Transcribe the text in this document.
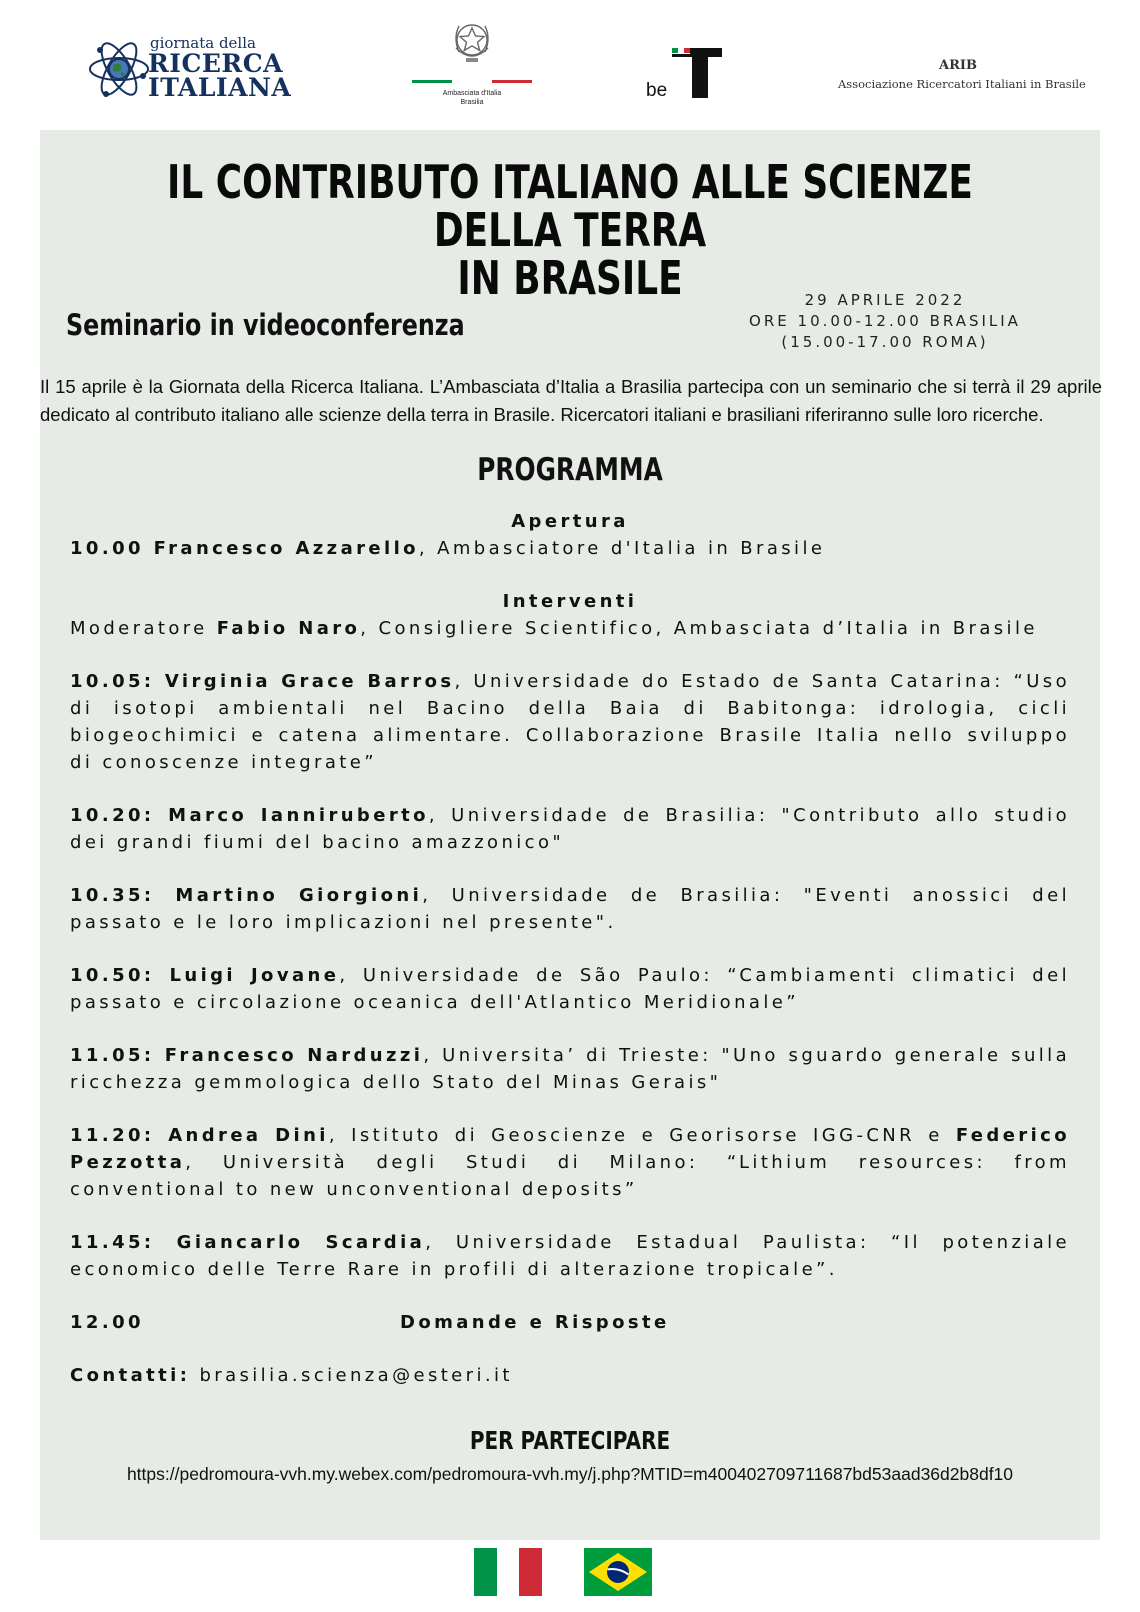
giornata della
RICERCA
ITALIANA	Ambasciata d'Italia
Brasilia
be
ARIB
Associazione Ricercatori Italiani in Brasile
IL CONTRIBUTO ITALIANO ALLE SCIENZE DELLA TERRA
IN BRASILE
Seminario in videoconferenza
29 APRILE 2022
ORE 10.00-12.00 BRASILIA
(15.00-17.00 ROMA)
Il 15 aprile è la Giornata della Ricerca Italiana. L’Ambasciata d’Italia a Brasilia partecipa con un seminario che si terrà il 29 aprile dedicato al contributo italiano alle scienze della terra in Brasile. Ricercatori italiani e brasiliani riferiranno sulle loro ricerche.
PROGRAMMA
Apertura

10.00 Francesco Azzarello, Ambasciatore d'Italia in Brasile

Interventi

Moderatore Fabio Naro, Consigliere Scientifico, Ambasciata d’Italia in Brasile

10.05: Virginia Grace Barros, Universidade do Estado de Santa Catarina: “Uso di isotopi ambientali nel Bacino della Baia di Babitonga: idrologia, cicli biogeochimici e catena alimentare. Collaborazione Brasile Italia nello sviluppo di conoscenze integrate”

10.20: Marco Ianniruberto, Universidade de Brasilia: "Contributo allo studio dei grandi fiumi del bacino amazzonico"

10.35: Martino Giorgioni, Universidade de Brasilia: "Eventi anossici del passato e le loro implicazioni nel presente".

10.50: Luigi Jovane, Universidade de São Paulo: “Cambiamenti climatici del passato e circolazione oceanica dell'Atlantico Meridionale”

11.05: Francesco Narduzzi, Universita’ di Trieste: "Uno sguardo generale sulla ricchezza gemmologica dello Stato del Minas Gerais"

11.20: Andrea Dini, Istituto di Geoscienze e Georisorse IGG-CNR e Federico Pezzotta, Università degli Studi di Milano: “Lithium resources: from conventional to new unconventional deposits”

11.45: Giancarlo Scardia, Universidade Estadual Paulista: “Il potenziale economico delle Terre Rare in profili di alterazione tropicale”.

12.00	Domande e Risposte

Contatti: brasilia.scienza@esteri.it

PER PARTECIPARE
https://pedromoura-vvh.my.webex.com/pedromoura-vvh.my/j.php?MTID=m400402709711687bd53aad36d2b8df10
